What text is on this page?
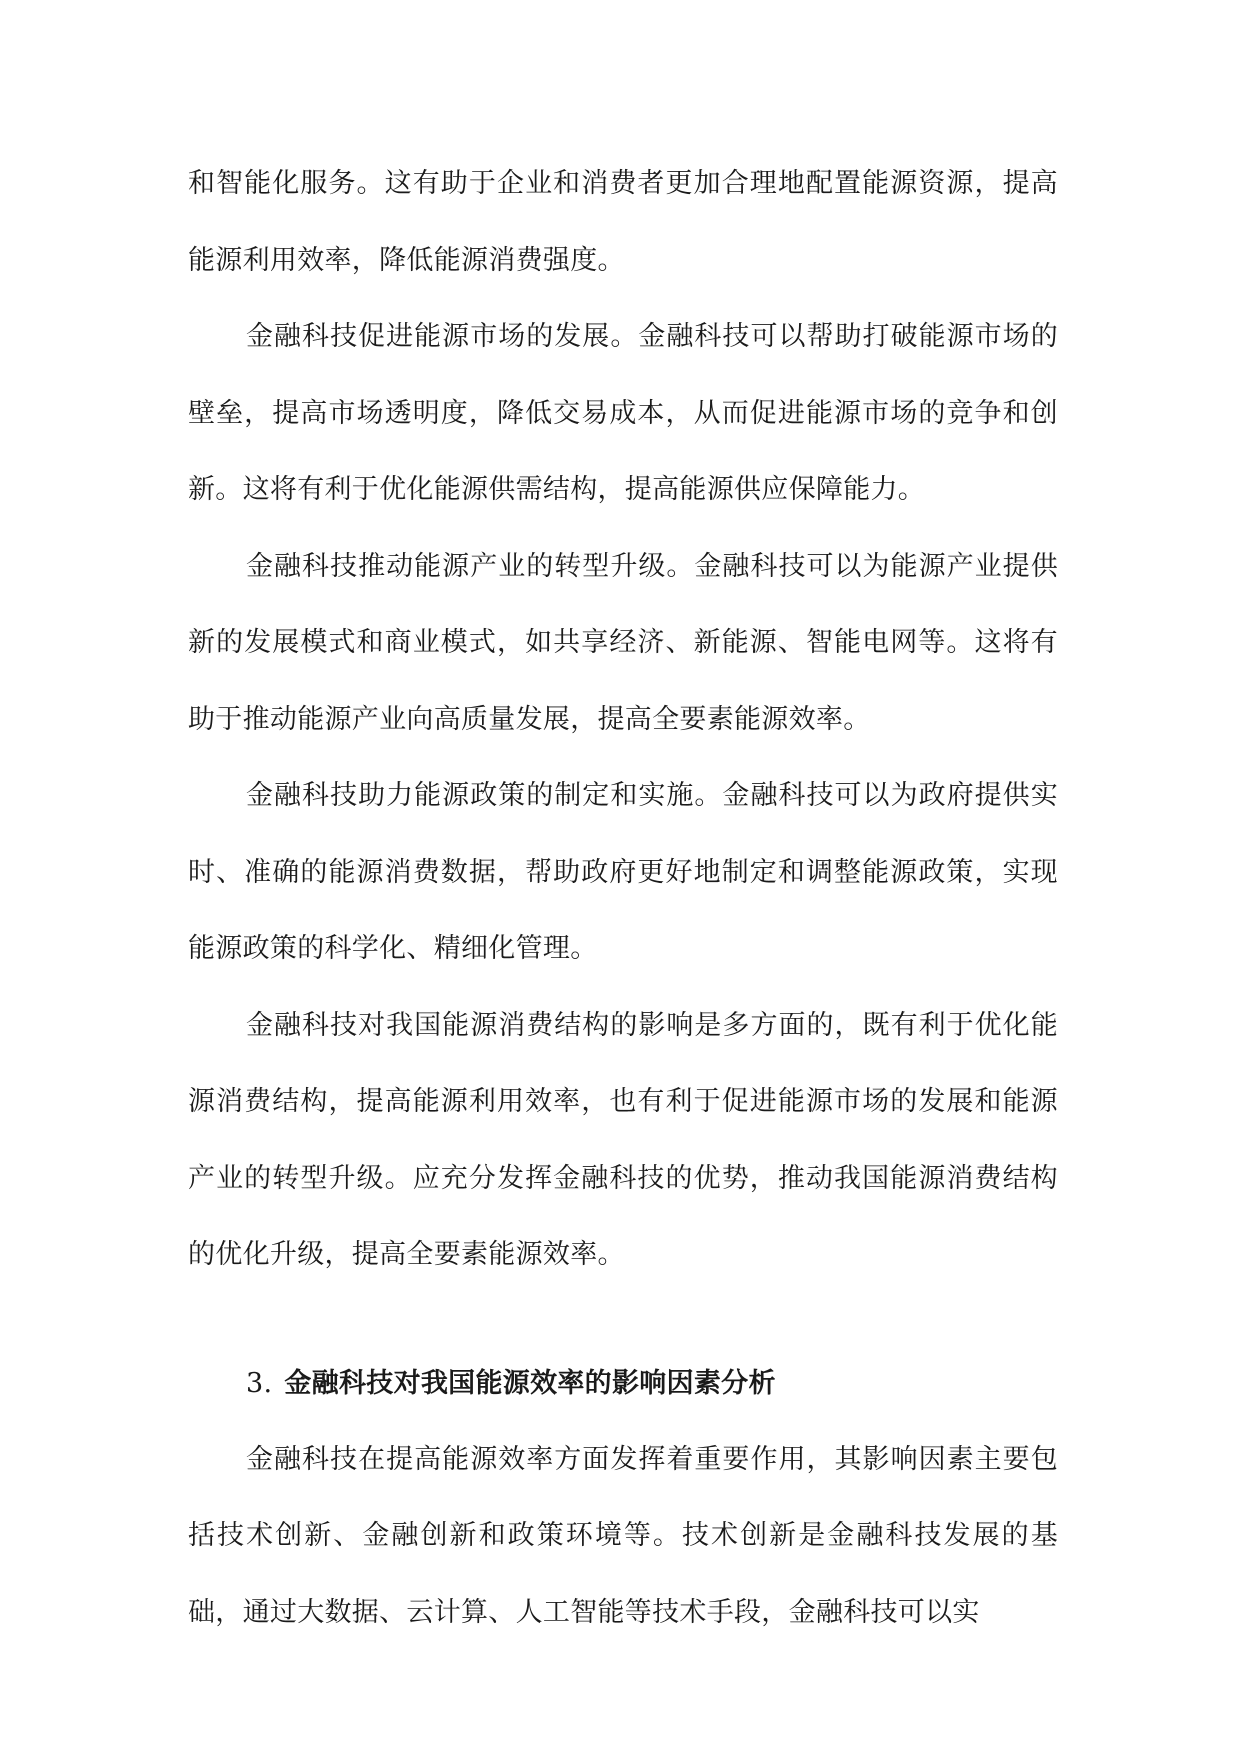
和智能化服务。这有助于企业和消费者更加合理地配置能源资源，提高能源利用效率，降低能源消费强度。

金融科技促进能源市场的发展。金融科技可以帮助打破能源市场的壁垒，提高市场透明度，降低交易成本，从而促进能源市场的竞争和创新。这将有利于优化能源供需结构，提高能源供应保障能力。

金融科技推动能源产业的转型升级。金融科技可以为能源产业提供新的发展模式和商业模式，如共享经济、新能源、智能电网等。这将有助于推动能源产业向高质量发展，提高全要素能源效率。

金融科技助力能源政策的制定和实施。金融科技可以为政府提供实时、准确的能源消费数据，帮助政府更好地制定和调整能源政策，实现能源政策的科学化、精细化管理。

金融科技对我国能源消费结构的影响是多方面的，既有利于优化能源消费结构，提高能源利用效率，也有利于促进能源市场的发展和能源产业的转型升级。应充分发挥金融科技的优势，推动我国能源消费结构的优化升级，提高全要素能源效率。

3. 金融科技对我国能源效率的影响因素分析

金融科技在提高能源效率方面发挥着重要作用，其影响因素主要包括技术创新、金融创新和政策环境等。技术创新是金融科技发展的基础，通过大数据、云计算、人工智能等技术手段，金融科技可以实
